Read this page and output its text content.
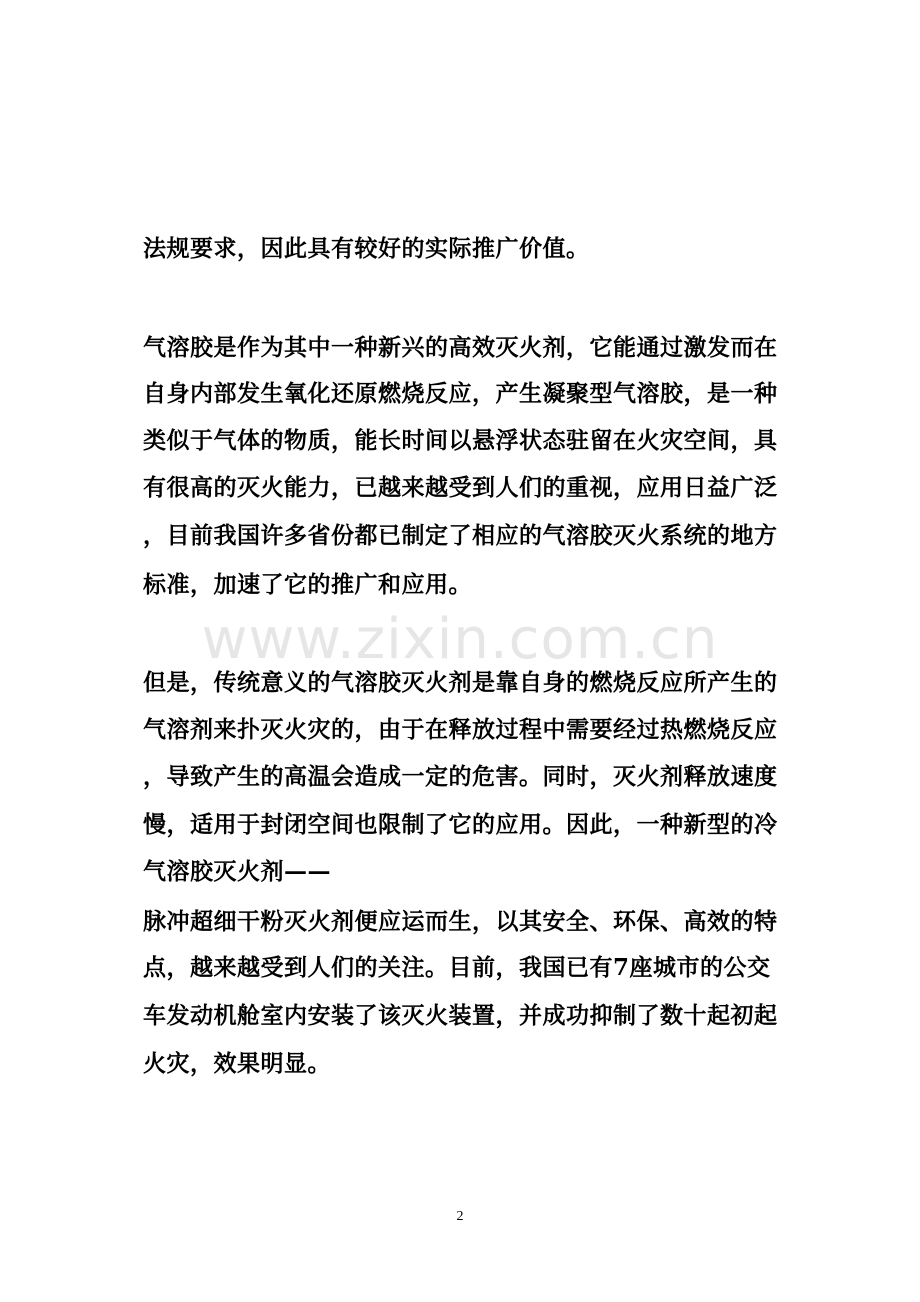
www.zixin.com.cn
法规要求，因此具有较好的实际推广价值。
气溶胶是作为其中一种新兴的高效灭火剂，它能通过激发而在
自身内部发生氧化还原燃烧反应，产生凝聚型气溶胶，是一种
类似于气体的物质，能长时间以悬浮状态驻留在火灾空间，具
有很高的灭火能力，已越来越受到人们的重视，应用日益广泛
，目前我国许多省份都已制定了相应的气溶胶灭火系统的地方
标准，加速了它的推广和应用。
但是，传统意义的气溶胶灭火剂是靠自身的燃烧反应所产生的
气溶剂来扑灭火灾的，由于在释放过程中需要经过热燃烧反应
，导致产生的高温会造成一定的危害。同时，灭火剂释放速度
慢，适用于封闭空间也限制了它的应用。因此，一种新型的冷
气溶胶灭火剂——
脉冲超细干粉灭火剂便应运而生，以其安全、环保、高效的特
点，越来越受到人们的关注。目前，我国已有7座城市的公交
车发动机舱室内安装了该灭火装置，并成功抑制了数十起初起
火灾，效果明显。
2
